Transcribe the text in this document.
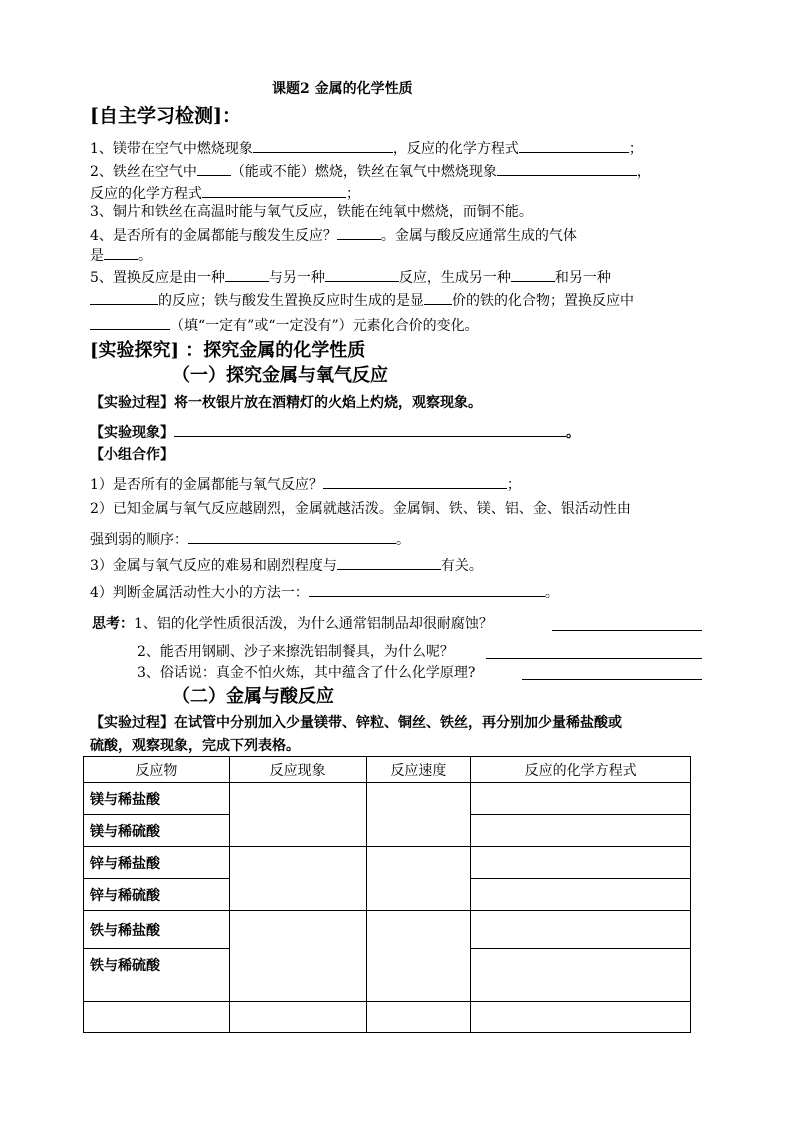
课题2 金属的化学性质
[自主学习检测]：
1、镁带在空气中燃烧现象	，反应的化学方程式	；
2、铁丝在空气中 （能或不能）燃烧，铁丝在氧气中燃烧现象	，
反应的化学方程式	；
3、铜片和铁丝在高温时能与氧气反应，铁能在纯氧中燃烧，而铜不能。
4、是否所有的金属都能与酸发生反应？	。金属与酸反应通常生成的气体
是 。
5、置换反应是由一种	与另一种	反应，生成另一种	和另一种
的反应；铁与酸发生置换反应时生成的是显 价的铁的化合物；置换反应中
（填“一定有”或“一定没有”）元素化合价的变化。
[实验探究] ：探究金属的化学性质
（一）探究金属与氧气反应
【实验过程】将一枚银片放在酒精灯的火焰上灼烧，观察现象。
【实验现象】	。
【小组合作】
1）是否所有的金属都能与氧气反应？	；
2）已知金属与氧气反应越剧烈，金属就越活泼。金属铜、铁、镁、铝、金、银活动性由
强到弱的顺序：	。
3）金属与氧气反应的难易和剧烈程度与	有关。
4）判断金属活动性大小的方法一：	。
思考：1、铝的化学性质很活泼，为什么通常铝制品却很耐腐蚀？
2、能否用钢刷、沙子来擦洗铝制餐具，为什么呢？
3、俗话说：真金不怕火炼，其中蕴含了什么化学原理?
（二）金属与酸反应
【实验过程】在试管中分别加入少量镁带、锌粒、铜丝、铁丝，再分别加少量稀盐酸或
硫酸，观察现象，完成下列表格。
反应物	反应现象	反应速度	反应的化学方程式
镁与稀盐酸			
镁与稀硫酸			
锌与稀盐酸			
锌与稀硫酸			
铁与稀盐酸			
铁与稀硫酸			
